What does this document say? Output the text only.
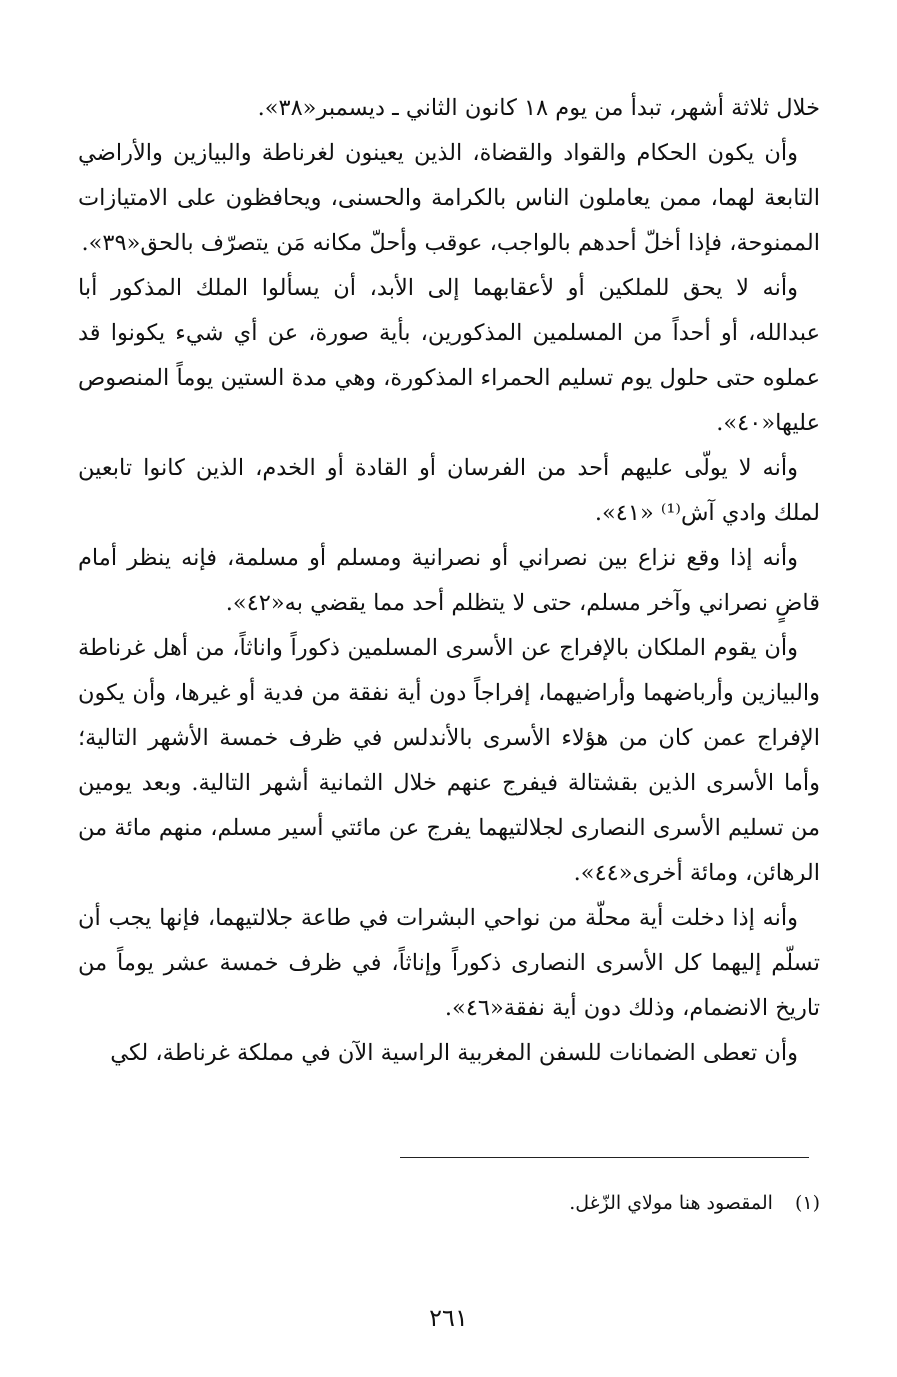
خلال ثلاثة أشهر، تبدأ من يوم ١٨ كانون الثاني ـ ديسمبر«٣٨».

وأن يكون الحكام والقواد والقضاة، الذين يعينون لغرناطة والبيازين والأراضي التابعة لهما، ممن يعاملون الناس بالكرامة والحسنى، ويحافظون على الامتيازات الممنوحة، فإذا أخلّ أحدهم بالواجب، عوقب وأحلّ مكانه مَن يتصرّف بالحق«٣٩».

وأنه لا يحق للملكين أو لأعقابهما إلى الأبد، أن يسألوا الملك المذكور أبا عبدالله، أو أحداً من المسلمين المذكورين، بأية صورة، عن أي شيء يكونوا قد عملوه حتى حلول يوم تسليم الحمراء المذكورة، وهي مدة الستين يوماً المنصوص عليها«٤٠».

وأنه لا يولّى عليهم أحد من الفرسان أو القادة أو الخدم، الذين كانوا تابعين لملك وادي آش⁽¹⁾ «٤١».

وأنه إذا وقع نزاع بين نصراني أو نصرانية ومسلم أو مسلمة، فإنه ينظر أمام قاضٍ نصراني وآخر مسلم، حتى لا يتظلم أحد مما يقضي به«٤٢».

وأن يقوم الملكان بالإفراج عن الأسرى المسلمين ذكوراً واناثاً، من أهل غرناطة والبيازين وأرباضهما وأراضيهما، إفراجاً دون أية نفقة من فدية أو غيرها، وأن يكون الإفراج عمن كان من هؤلاء الأسرى بالأندلس في ظرف خمسة الأشهر التالية؛ وأما الأسرى الذين بقشتالة فيفرج عنهم خلال الثمانية أشهر التالية. وبعد يومين من تسليم الأسرى النصارى لجلالتيهما يفرج عن مائتي أسير مسلم، منهم مائة من الرهائن، ومائة أخرى«٤٤».

وأنه إذا دخلت أية محلّة من نواحي البشرات في طاعة جلالتيهما، فإنها يجب أن تسلّم إليهما كل الأسرى النصارى ذكوراً وإناثاً، في ظرف خمسة عشر يوماً من تاريخ الانضمام، وذلك دون أية نفقة«٤٦».

وأن تعطى الضمانات للسفن المغربية الراسية الآن في مملكة غرناطة، لكي

(١)المقصود هنا مولاي الزّغل.
٢٦١
